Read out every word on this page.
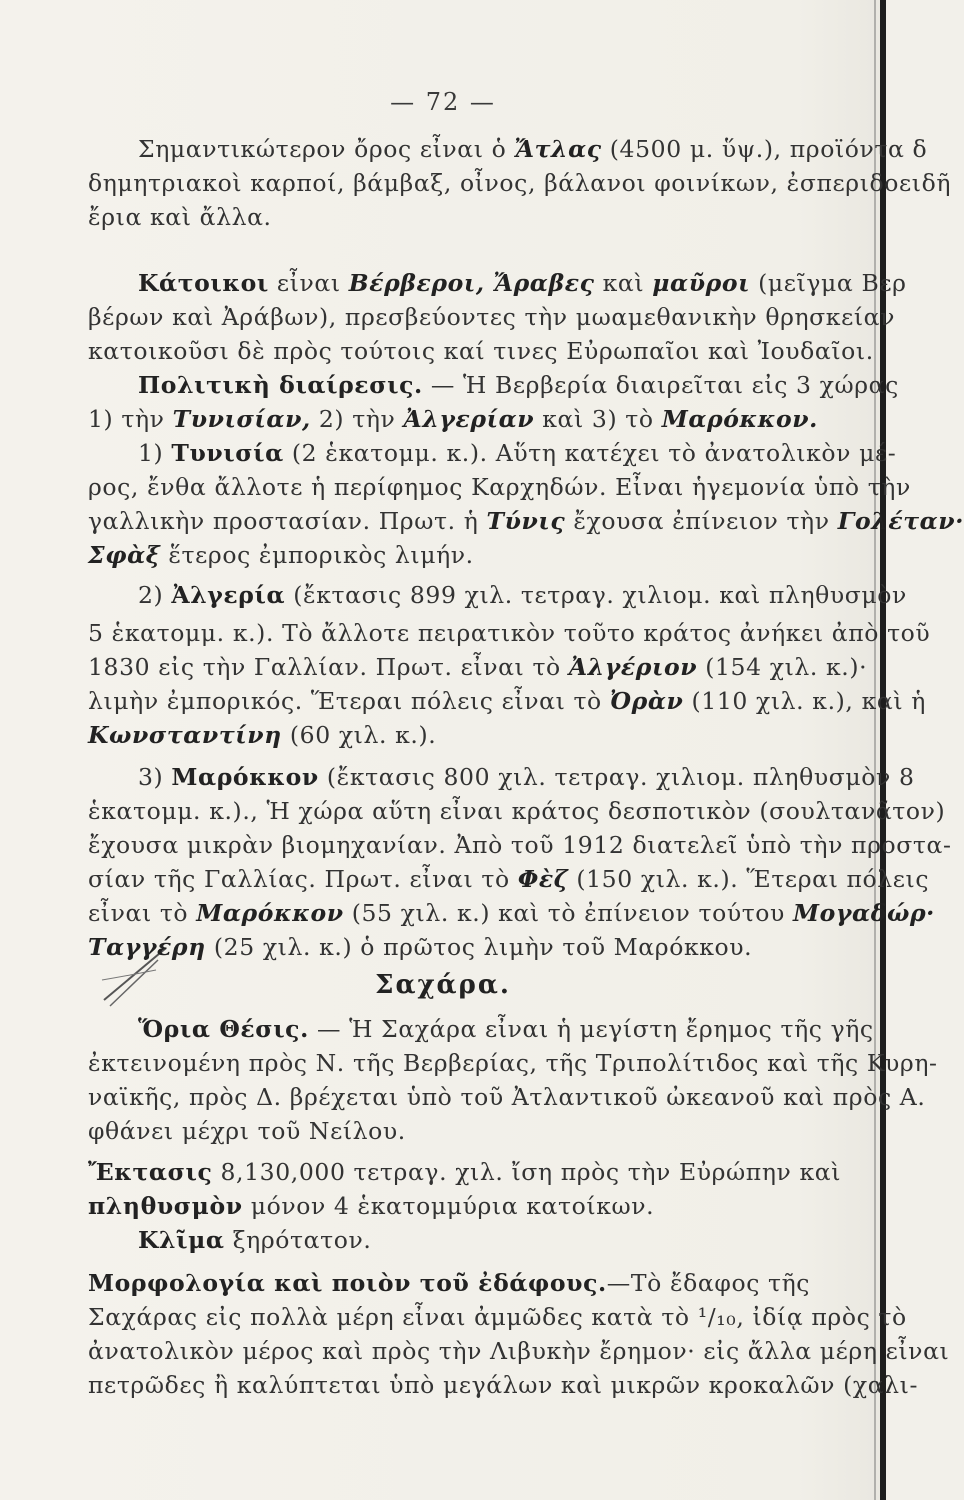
— 72 —
Σαχάρα.
Σημαντικώτερον ὄρος εἶναι ὁ Ἄτλας (4500 μ. ὕψ.), προϊόντα δ
δημητριακοὶ καρποί, βάμβαξ, οἶνος, βάλανοι φοινίκων, ἐσπεριδοειδῆ
ἔρια καὶ ἄλλα.
Κάτοικοι εἶναι Βέρβεροι, Ἄραβες καὶ μαῦροι (μεῖγμα Βερ
βέρων καὶ Ἀράβων), πρεσβεύοντες τὴν μωαμεθανικὴν θρησκείαν
κατοικοῦσι δὲ πρὸς τούτοις καί τινες Εὐρωπαῖοι καὶ Ἰουδαῖοι.
Πολιτικὴ διαίρεσις. — Ἡ Βερβερία διαιρεῖται εἰς 3 χώρας
1) τὴν Τυνισίαν, 2) τὴν Ἀλγερίαν καὶ 3) τὸ Μαρόκκον.
1) Τυνισία (2 ἑκατομμ. κ.). Αὕτη κατέχει τὸ ἀνατολικὸν μέ-
ρος, ἔνθα ἄλλοτε ἡ περίφημος Καρχηδών. Εἶναι ἡγεμονία ὑπὸ τὴν
γαλλικὴν προστασίαν. Πρωτ. ἡ Τύνις ἔχουσα ἐπίνειον τὴν Γολέταν·
Σφὰξ ἕτερος ἐμπορικὸς λιμήν.
2) Ἀλγερία (ἔκτασις 899 χιλ. τετραγ. χιλιομ. καὶ πληθυσμὸν
5 ἑκατομμ. κ.). Τὸ ἄλλοτε πειρατικὸν τοῦτο κράτος ἀνήκει ἀπὸ τοῦ
1830 εἰς τὴν Γαλλίαν. Πρωτ. εἶναι τὸ Ἀλγέριον (154 χιλ. κ.)·
λιμὴν ἐμπορικός. Ἕτεραι πόλεις εἶναι τὸ Ὀρὰν (110 χιλ. κ.), καὶ ἡ
Κωνσταντίνη (60 χιλ. κ.).
3) Μαρόκκον (ἔκτασις 800 χιλ. τετραγ. χιλιομ. πληθυσμὸν 8
ἑκατομμ. κ.)., Ἡ χώρα αὕτη εἶναι κράτος δεσποτικὸν (σουλτανᾶτον)
ἔχουσα μικρὰν βιομηχανίαν. Ἀπὸ τοῦ 1912 διατελεῖ ὑπὸ τὴν προστα-
σίαν τῆς Γαλλίας. Πρωτ. εἶναι τὸ Φὲζ (150 χιλ. κ.). Ἕτεραι πόλεις
εἶναι τὸ Μαρόκκον (55 χιλ. κ.) καὶ τὸ ἐπίνειον τούτου Μογαδώρ·
Ταγγέρη (25 χιλ. κ.) ὁ πρῶτος λιμὴν τοῦ Μαρόκκου.
Ὅρια Θέσις. — Ἡ Σαχάρα εἶναι ἡ μεγίστη ἔρημος τῆς γῆς
ἐκτεινομένη πρὸς Ν. τῆς Βερβερίας, τῆς Τριπολίτιδος καὶ τῆς Κυρη-
ναϊκῆς, πρὸς Δ. βρέχεται ὑπὸ τοῦ Ἀτλαντικοῦ ὠκεανοῦ καὶ πρὸς Α.
φθάνει μέχρι τοῦ Νείλου.
Ἔκτασις 8,130,000 τετραγ. χιλ. ἴση πρὸς τὴν Εὐρώπην καὶ
πληθυσμὸν μόνον 4 ἑκατομμύρια κατοίκων.
Κλῖμα ξηρότατον.
Μορφολογία καὶ ποιὸν τοῦ ἐδάφους.—Τὸ ἔδαφος τῆς
Σαχάρας εἰς πολλὰ μέρη εἶναι ἀμμῶδες κατὰ τὸ ¹/₁₀, ἰδίᾳ πρὸς τὸ
ἀνατολικὸν μέρος καὶ πρὸς τὴν Λιβυκὴν ἔρημον· εἰς ἄλλα μέρη εἶναι
πετρῶδες ἢ καλύπτεται ὑπὸ μεγάλων καὶ μικρῶν κροκαλῶν (χαλι-
